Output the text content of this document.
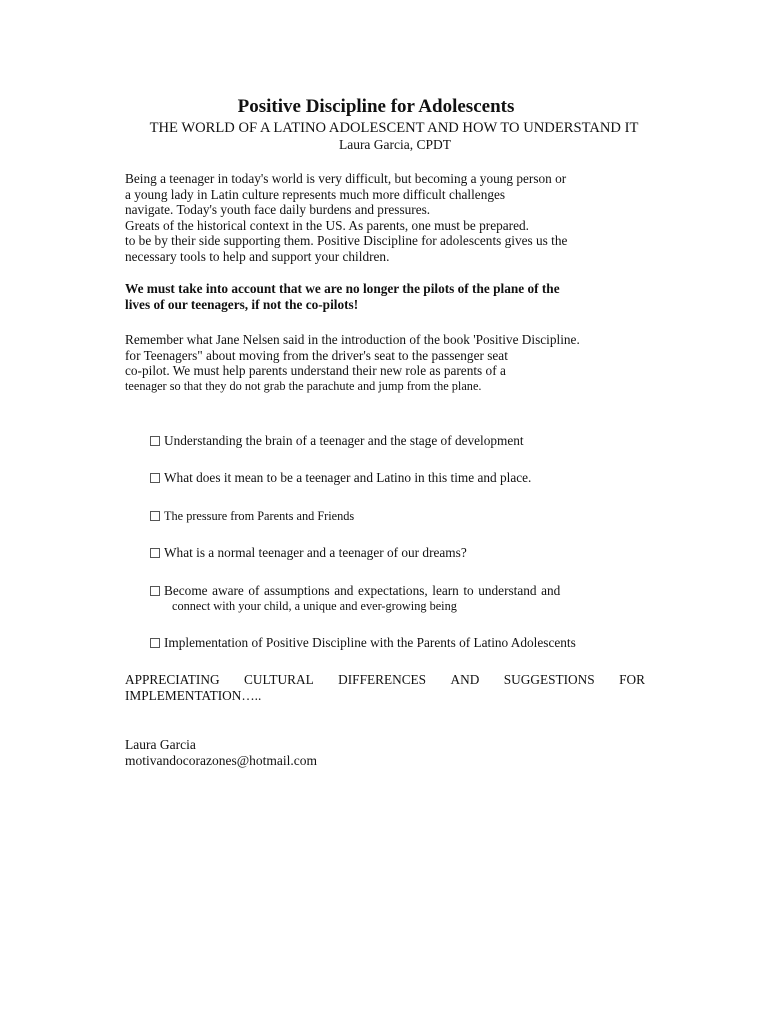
Positive Discipline for Adolescents
THE WORLD OF A LATINO ADOLESCENT AND HOW TO UNDERSTAND IT
Laura Garcia, CPDT
Being a teenager in today's world is very difficult, but becoming a young person or
a young lady in Latin culture represents much more difficult challenges
navigate. Today's youth face daily burdens and pressures.
Greats of the historical context in the US. As parents, one must be prepared.
to be by their side supporting them. Positive Discipline for adolescents gives us the
necessary tools to help and support your children.
We must take into account that we are no longer the pilots of the plane of the
lives of our teenagers, if not the co-pilots!
Remember what Jane Nelsen said in the introduction of the book 'Positive Discipline.
for Teenagers" about moving from the driver's seat to the passenger seat
co-pilot. We must help parents understand their new role as parents of a
teenager so that they do not grab the parachute and jump from the plane.
Understanding the brain of a teenager and the stage of development
What does it mean to be a teenager and Latino in this time and place.
The pressure from Parents and Friends
What is a normal teenager and a teenager of our dreams?
Become aware of assumptions and expectations, learn to understand and
connect with your child, a unique and ever-growing being
Implementation of Positive Discipline with the Parents of Latino Adolescents
APPRECIATING CULTURAL DIFFERENCES AND SUGGESTIONS FOR
IMPLEMENTATION…..
Laura Garcia
motivandocorazones@hotmail.com
